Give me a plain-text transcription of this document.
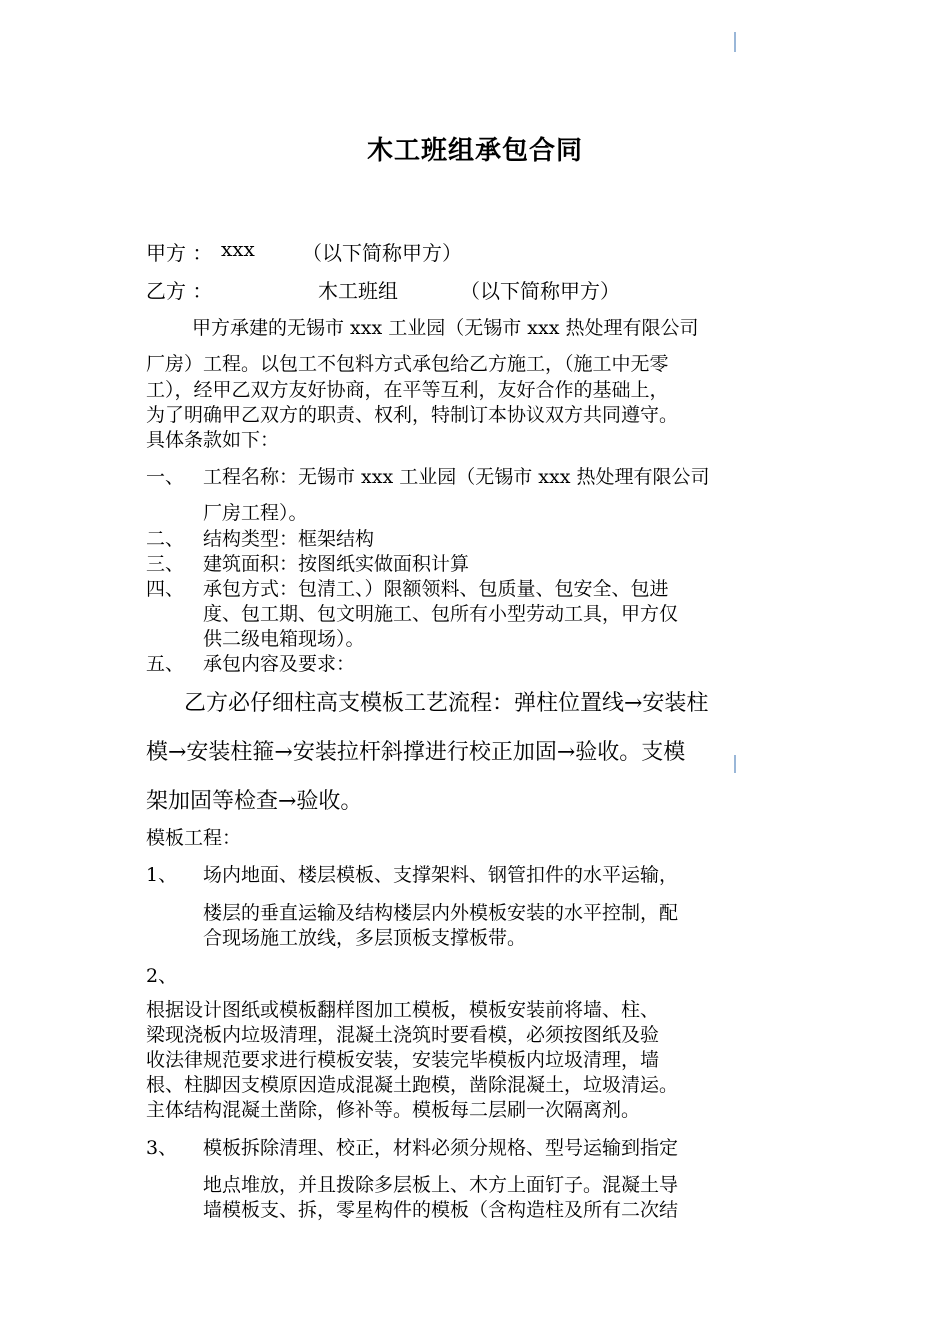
木工班组承包合同
甲方 ： xxx （以下简称甲方）
乙方 ：	木工班组	（以下简称甲方）
甲方承建的无锡市 xxx 工业园（无锡市 xxx 热处理有限公司
厂房）工程。以包工不包料方式承包给乙方施工，（施工中无零
工），经甲乙双方友好协商，在平等互利，友好合作的基础上，
为了明确甲乙双方的职责、权利，特制订本协议双方共同遵守。
具体条款如下：
一、 工程名称：无锡市 xxx 工业园（无锡市 xxx 热处理有限公司
厂房工程）。
二、 结构类型：框架结构
三、 建筑面积：按图纸实做面积计算
四、 承包方式：包清工、）限额领料、包质量、包安全、包进
度、包工期、包文明施工、包所有小型劳动工具，甲方仅
供二级电箱现场）。
五、 承包内容及要求：
乙方必仔细柱高支模板工艺流程：弹柱位置线→安装柱
模→安装柱箍→安装拉杆斜撑进行校正加固→验收。支模
架加固等检查→验收。
模板工程：
1、 场内地面、楼层模板、支撑架料、钢管扣件的水平运输，
楼层的垂直运输及结构楼层内外模板安装的水平控制，配
合现场施工放线，多层顶板支撑板带。
2、
根据设计图纸或模板翻样图加工模板，模板安装前将墙、柱、
梁现浇板内垃圾清理，混凝土浇筑时要看模，必须按图纸及验
收法律规范要求进行模板安装，安装完毕模板内垃圾清理，墙
根、柱脚因支模原因造成混凝土跑模，凿除混凝土，垃圾清运。
主体结构混凝土凿除，修补等。模板每二层刷一次隔离剂。
3、 模板拆除清理、校正，材料必须分规格、型号运输到指定
地点堆放，并且拨除多层板上、木方上面钉子。混凝土导
墙模板支、拆，零星构件的模板（含构造柱及所有二次结
